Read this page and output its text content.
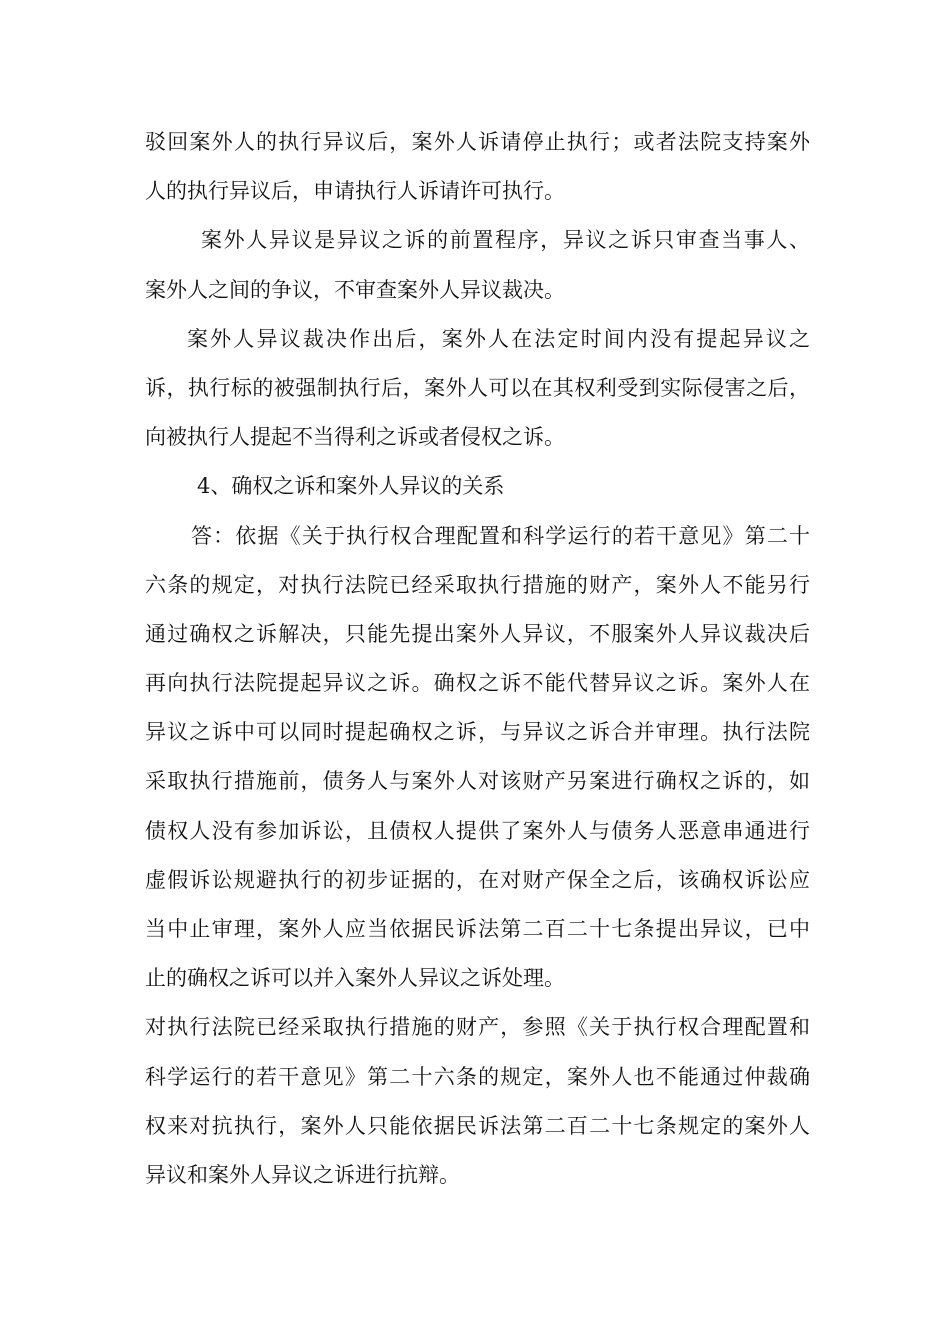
驳回案外人的执行异议后，案外人诉请停止执行；或者法院支持案外
人的执行异议后，申请执行人诉请许可执行。
案外人异议是异议之诉的前置程序，异议之诉只审查当事人、
案外人之间的争议，不审查案外人异议裁决。
案外人异议裁决作出后，案外人在法定时间内没有提起异议之
诉，执行标的被强制执行后，案外人可以在其权利受到实际侵害之后，
向被执行人提起不当得利之诉或者侵权之诉。
4、确权之诉和案外人异议的关系
答：依据《关于执行权合理配置和科学运行的若干意见》第二十
六条的规定，对执行法院已经采取执行措施的财产，案外人不能另行
通过确权之诉解决，只能先提出案外人异议，不服案外人异议裁决后
再向执行法院提起异议之诉。确权之诉不能代替异议之诉。案外人在
异议之诉中可以同时提起确权之诉，与异议之诉合并审理。执行法院
采取执行措施前，债务人与案外人对该财产另案进行确权之诉的，如
债权人没有参加诉讼，且债权人提供了案外人与债务人恶意串通进行
虚假诉讼规避执行的初步证据的，在对财产保全之后，该确权诉讼应
当中止审理，案外人应当依据民诉法第二百二十七条提出异议，已中
止的确权之诉可以并入案外人异议之诉处理。
对执行法院已经采取执行措施的财产，参照《关于执行权合理配置和
科学运行的若干意见》第二十六条的规定，案外人也不能通过仲裁确
权来对抗执行，案外人只能依据民诉法第二百二十七条规定的案外人
异议和案外人异议之诉进行抗辩。
